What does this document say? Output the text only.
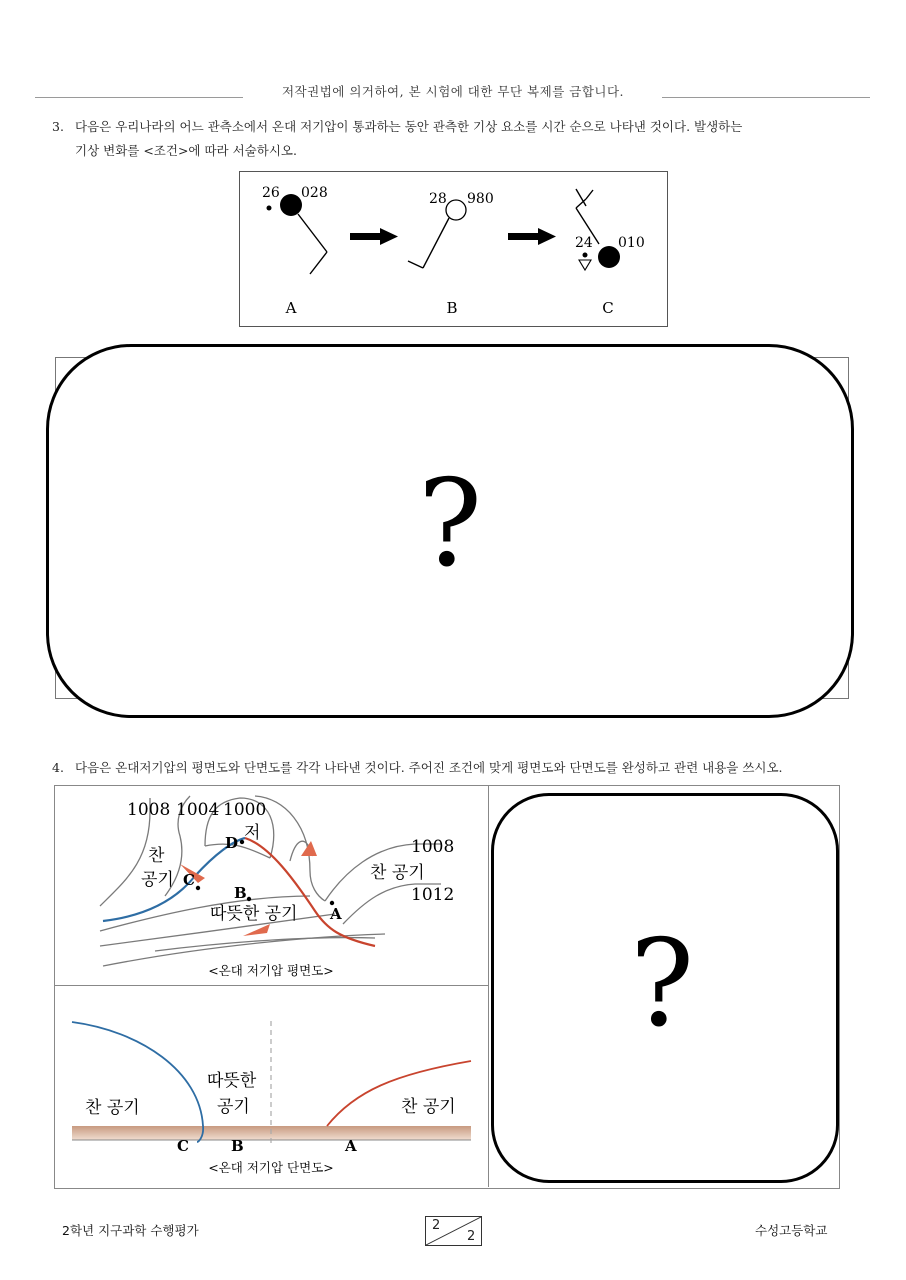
저작권법에 의거하여, 본 시험에 대한 무단 복제를 금합니다.
3. 다음은 우리나라의 어느 관측소에서 온대 저기압이 통과하는 동안 관측한 기상 요소를 시간 순으로 나타낸 것이다. 발생하는
기상 변화를 <조건>에 따라 서술하시오.
26 028
A
28 980
B
24 010
C
?
4. 다음은 온대저기압의 평면도와 단면도를 각각 나타낸 것이다. 주어진 조건에 맞게 평면도와 단면도를 완성하고 관련 내용을 쓰시오.
1008 1004 1000
1008
1012
저
찬
공기	찬 공기
따뜻한 공기
D
C
B
A
<온대 저기압 평면도>
찬 공기
따뜻한
공기	찬 공기
C	B	A
<온대 저기압 단면도>
?
2학년 지구과학 수행평가	2
2	수성고등학교
